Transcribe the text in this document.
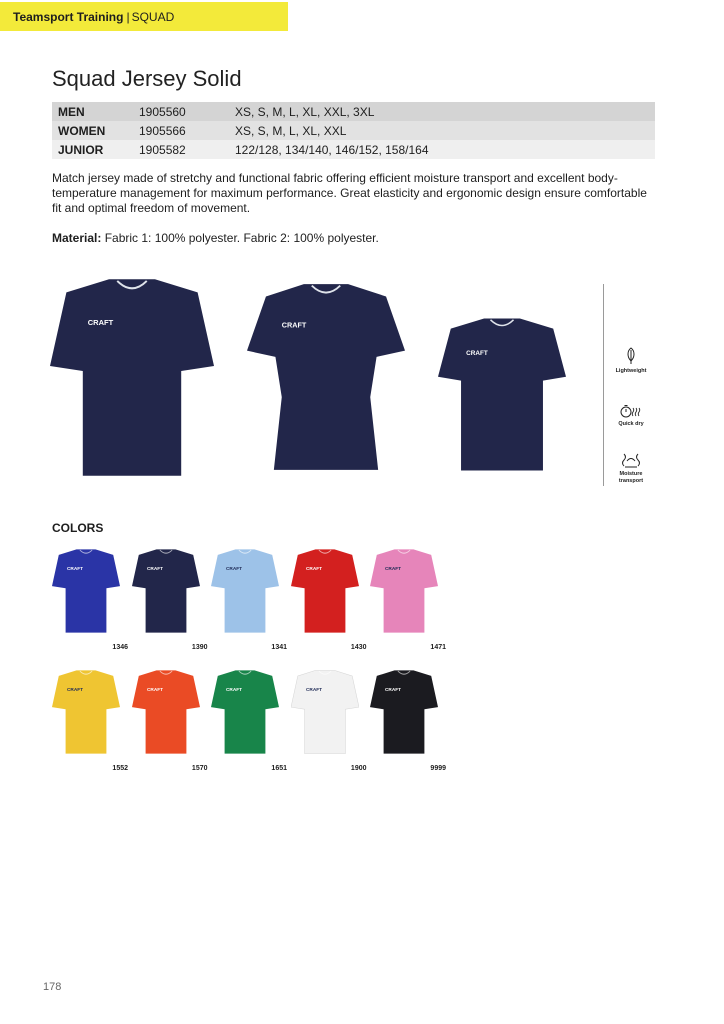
Teamsport Training | SQUAD
Squad Jersey Solid
MEN	1905560	XS, S, M, L, XL, XXL, 3XL
WOMEN	1905566	XS, S, M, L, XL, XXL
JUNIOR	1905582	122/128, 134/140, 146/152, 158/164

Match jersey made of stretchy and functional fabric offering efficient moisture transport and excellent body-temperature management for maximum performance. Great elasticity and ergonomic design ensure comfortable fit and optimal freedom of movement.

Material: Fabric 1: 100% polyester. Fabric 2: 100% polyester.

CRAFT	CRAFT
CRAFT
Lightweight
Quick dry
Moisture transport
COLORS
CRAFT
1346
CRAFT
1390
CRAFT
1341
CRAFT
1430
CRAFT
1471
CRAFT
1552
CRAFT
1570
CRAFT
1651
CRAFT
1900
CRAFT
9999
178
